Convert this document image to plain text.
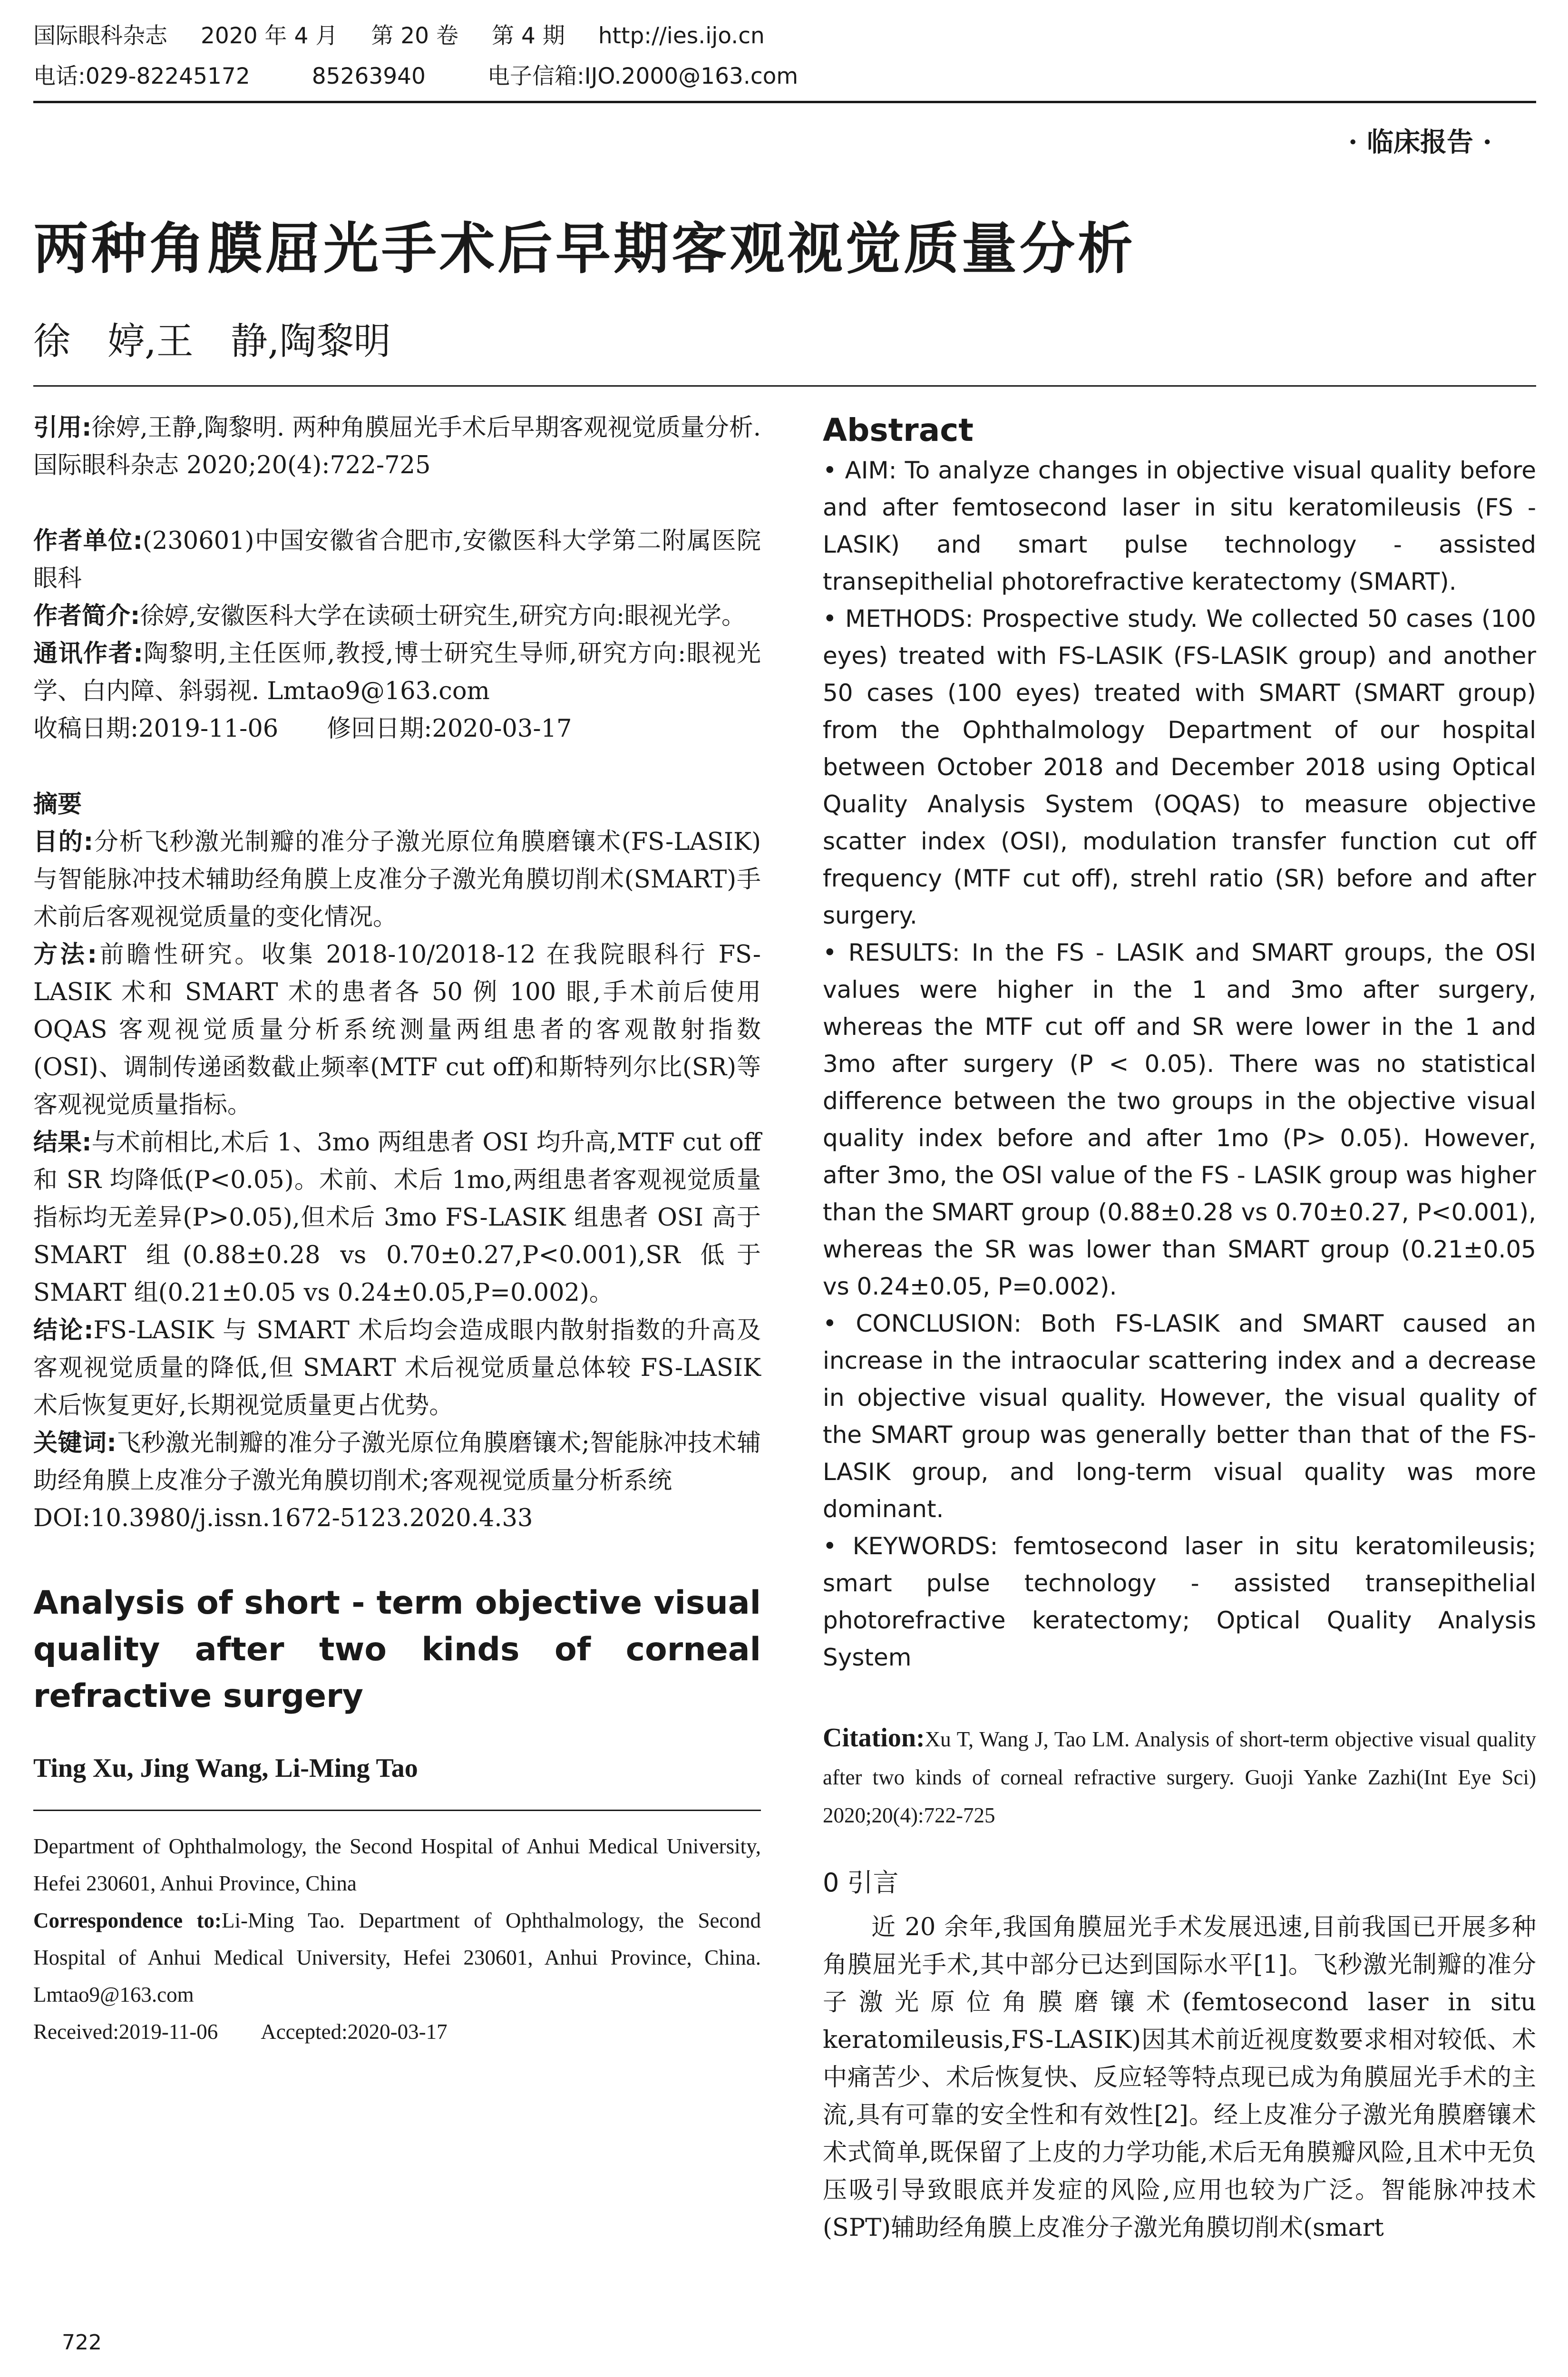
国际眼科杂志 2020 年 4 月 第 20 卷 第 4 期 http://ies.ijo.cn
电话:029-82245172	85263940	电子信箱:IJO.2000@163.com
· 临床报告 ·
两种角膜屈光手术后早期客观视觉质量分析
徐　婷,王　静,陶黎明

引用:徐婷,王静,陶黎明. 两种角膜屈光手术后早期客观视觉质量分析. 国际眼科杂志 2020;20(4):722-725

作者单位:(230601)中国安徽省合肥市,安徽医科大学第二附属医院眼科

作者简介:徐婷,安徽医科大学在读硕士研究生,研究方向:眼视光学。

通讯作者:陶黎明,主任医师,教授,博士研究生导师,研究方向:眼视光学、白内障、斜弱视. Lmtao9@163.com

收稿日期:2019-11-06　　修回日期:2020-03-17

摘要

目的:分析飞秒激光制瓣的准分子激光原位角膜磨镶术(FS-LASIK)与智能脉冲技术辅助经角膜上皮准分子激光角膜切削术(SMART)手术前后客观视觉质量的变化情况。

方法:前瞻性研究。收集 2018-10/2018-12 在我院眼科行 FS-LASIK 术和 SMART 术的患者各 50 例 100 眼,手术前后使用 OQAS 客观视觉质量分析系统测量两组患者的客观散射指数(OSI)、调制传递函数截止频率(MTF cut off)和斯特列尔比(SR)等客观视觉质量指标。

结果:与术前相比,术后 1、3mo 两组患者 OSI 均升高,MTF cut off 和 SR 均降低(P<0.05)。术前、术后 1mo,两组患者客观视觉质量指标均无差异(P>0.05),但术后 3mo FS-LASIK 组患者 OSI 高于 SMART 组(0.88±0.28 vs 0.70±0.27,P<0.001),SR 低于 SMART 组(0.21±0.05 vs 0.24±0.05,P=0.002)。

结论:FS-LASIK 与 SMART 术后均会造成眼内散射指数的升高及客观视觉质量的降低,但 SMART 术后视觉质量总体较 FS-LASIK 术后恢复更好,长期视觉质量更占优势。

关键词:飞秒激光制瓣的准分子激光原位角膜磨镶术;智能脉冲技术辅助经角膜上皮准分子激光角膜切削术;客观视觉质量分析系统

DOI:10.3980/j.issn.1672-5123.2020.4.33

Analysis of short - term objective visual quality after two kinds of corneal refractive surgery

Ting Xu, Jing Wang, Li-Ming Tao

Department of Ophthalmology, the Second Hospital of Anhui Medical University, Hefei 230601, Anhui Province, China

Correspondence to:Li-Ming Tao. Department of Ophthalmology, the Second Hospital of Anhui Medical University, Hefei 230601, Anhui Province, China. Lmtao9@163.com

Received:2019-11-06　　Accepted:2020-03-17

Abstract

• AIM: To analyze changes in objective visual quality before and after femtosecond laser in situ keratomileusis (FS - LASIK) and smart pulse technology - assisted transepithelial photorefractive keratectomy (SMART).

• METHODS: Prospective study. We collected 50 cases (100 eyes) treated with FS-LASIK (FS-LASIK group) and another 50 cases (100 eyes) treated with SMART (SMART group) from the Ophthalmology Department of our hospital between October 2018 and December 2018 using Optical Quality Analysis System (OQAS) to measure objective scatter index (OSI), modulation transfer function cut off frequency (MTF cut off), strehl ratio (SR) before and after surgery.

• RESULTS: In the FS - LASIK and SMART groups, the OSI values were higher in the 1 and 3mo after surgery, whereas the MTF cut off and SR were lower in the 1 and 3mo after surgery (P < 0.05). There was no statistical difference between the two groups in the objective visual quality index before and after 1mo (P> 0.05). However, after 3mo, the OSI value of the FS - LASIK group was higher than the SMART group (0.88±0.28 vs 0.70±0.27, P<0.001), whereas the SR was lower than SMART group (0.21±0.05 vs 0.24±0.05, P=0.002).

• CONCLUSION: Both FS-LASIK and SMART caused an increase in the intraocular scattering index and a decrease in objective visual quality. However, the visual quality of the SMART group was generally better than that of the FS-LASIK group, and long-term visual quality was more dominant.

• KEYWORDS: femtosecond laser in situ keratomileusis; smart pulse technology - assisted transepithelial photorefractive keratectomy; Optical Quality Analysis System

Citation:Xu T, Wang J, Tao LM. Analysis of short-term objective visual quality after two kinds of corneal refractive surgery. Guoji Yanke Zazhi(Int Eye Sci) 2020;20(4):722-725

0 引言

近 20 余年,我国角膜屈光手术发展迅速,目前我国已开展多种角膜屈光手术,其中部分已达到国际水平[1]。飞秒激光制瓣的准分子激光原位角膜磨镶术(femtosecond laser in situ keratomileusis,FS-LASIK)因其术前近视度数要求相对较低、术中痛苦少、术后恢复快、反应轻等特点现已成为角膜屈光手术的主流,具有可靠的安全性和有效性[2]。经上皮准分子激光角膜磨镶术术式简单,既保留了上皮的力学功能,术后无角膜瓣风险,且术中无负压吸引导致眼底并发症的风险,应用也较为广泛。智能脉冲技术(SPT)辅助经角膜上皮准分子激光角膜切削术(smart

722
